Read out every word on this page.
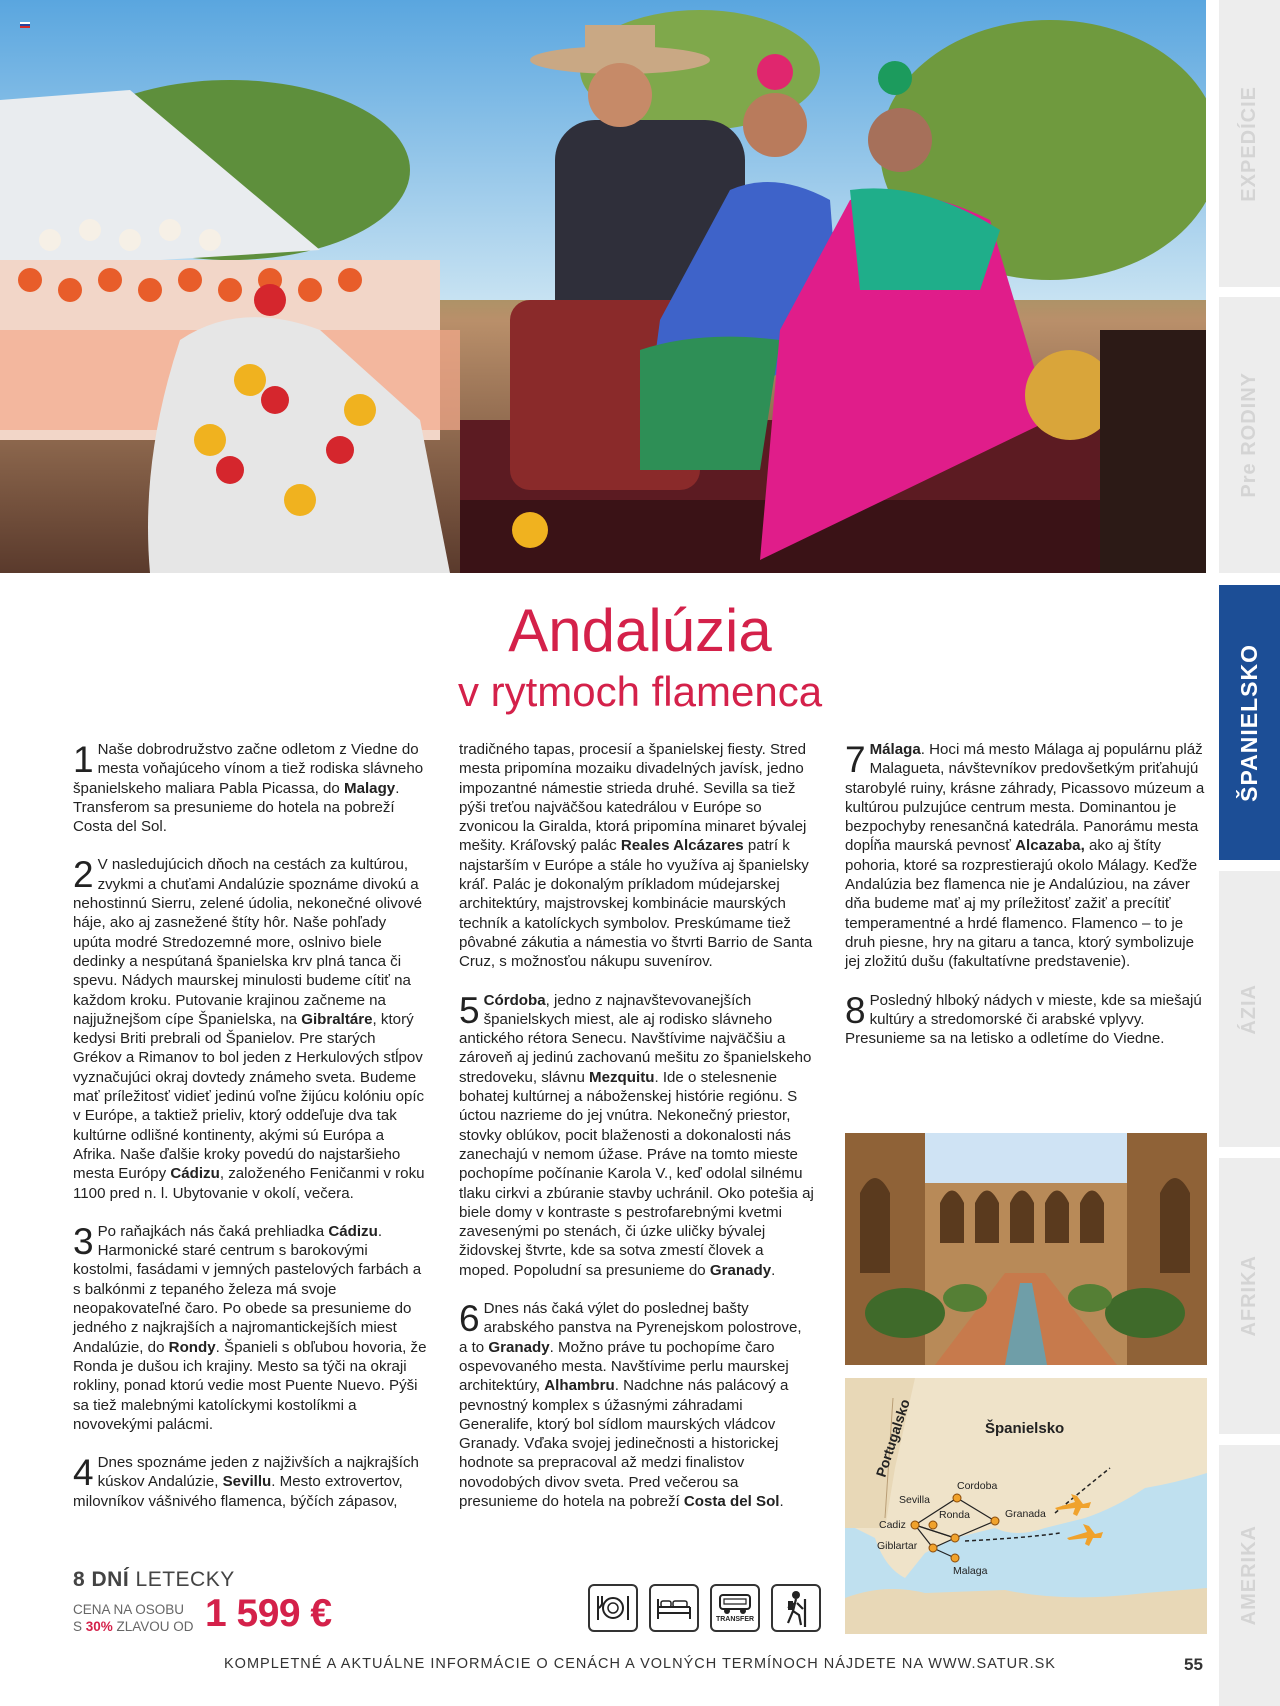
EXPEDÍCIE
Pre RODINY
ŠPANIELSKO
ÁZIA
AFRIKA
AMERIKA
Andalúzia
v rytmoch flamenca

1 Naše dobrodružstvo začne odletom z Viedne do mesta voňajúceho vínom a tiež rodiska slávneho španielskeho maliara Pabla Picassa, do Malagy. Transferom sa presunieme do hotela na pobreží Costa del Sol.

2 V nasledujúcich dňoch na cestách za kultúrou, zvykmi a chuťami Andalúzie spoznáme divokú a nehostinnú Sierru, zelené údolia, nekonečné olivové háje, ako aj zasnežené štíty hôr. Naše pohľady upúta modré Stredozemné more, oslnivo biele dedinky a nespútaná španielska krv plná tanca či spevu. Nádych maurskej minulosti budeme cítiť na každom kroku. Putovanie krajinou začneme na najjužnejšom cípe Španielska, na Gibraltáre, ktorý kedysi Briti prebrali od Španielov. Pre starých Grékov a Rimanov to bol jeden z Herkulových stĺpov vyznačujúci okraj dovtedy známeho sveta. Budeme mať príležitosť vidieť jedinú voľne žijúcu kolóniu opíc v Európe, a taktiež prieliv, ktorý oddeľuje dva tak kultúrne odlišné kontinenty, akými sú Európa a Afrika. Naše ďalšie kroky povedú do najstaršieho mesta Európy Cádizu, založeného Feničanmi v roku 1100 pred n. l. Ubytovanie v okolí, večera.

3 Po raňajkách nás čaká prehliadka Cádizu. Harmonické staré centrum s barokovými kostolmi, fasádami v jemných pastelových farbách a s balkónmi z tepaného železa má svoje neopakovateľné čaro. Po obede sa presunieme do jedného z najkrajších a najromantickejších miest Andalúzie, do Rondy. Španieli s obľubou hovoria, že Ronda je dušou ich krajiny. Mesto sa týči na okraji rokliny, ponad ktorú vedie most Puente Nuevo. Pýši sa tiež malebnými katolíckymi kostolíkmi a novovekými palácmi.

4 Dnes spoznáme jeden z najživších a najkrajších kúskov Andalúzie, Sevillu. Mesto extrovertov, milovníkov vášnivého flamenca, býčích zápasov,

tradičného tapas, procesií a španielskej fiesty. Stred mesta pripomína mozaiku divadelných javísk, jedno impozantné námestie strieda druhé. Sevilla sa tiež pýši treťou najväčšou katedrálou v Európe so zvonicou la Giralda, ktorá pripomína minaret bývalej mešity. Kráľovský palác Reales Alcázares patrí k najstarším v Európe a stále ho využíva aj španielsky kráľ. Palác je dokonalým príkladom múdejarskej architektúry, majstrovskej kombinácie maurských techník a katolíckych symbolov. Preskúmame tiež pôvabné zákutia a námestia vo štvrti Barrio de Santa Cruz, s možnosťou nákupu suvenírov.

5 Córdoba, jedno z najnavštevovanejších španielskych miest, ale aj rodisko slávneho antického rétora Senecu. Navštívime najväčšiu a zároveň aj jedinú zachovanú mešitu zo španielskeho stredoveku, slávnu Mezquitu. Ide o stelesnenie bohatej kultúrnej a náboženskej histórie regiónu. S úctou nazrieme do jej vnútra. Nekonečný priestor, stovky oblúkov, pocit blaženosti a dokonalosti nás zanechajú v nemom úžase. Práve na tomto mieste pochopíme počínanie Karola V., keď odolal silnému tlaku cirkvi a zbúranie stavby uchránil. Oko potešia aj biele domy v kontraste s pestrofarebnými kvetmi zavesenými po stenách, či úzke uličky bývalej židovskej štvrte, kde sa sotva zmestí človek a moped. Popoludní sa presunieme do Granady.

6 Dnes nás čaká výlet do poslednej bašty arabského panstva na Pyrenejskom polostrove, a to Granady. Možno práve tu pochopíme čaro ospevovaného mesta. Navštívime perlu maurskej architektúry, Alhambru. Nadchne nás palácový a pevnostný komplex s úžasnými záhradami Generalife, ktorý bol sídlom maurských vládcov Granady. Vďaka svojej jedinečnosti a historickej hodnote sa prepracoval až medzi finalistov novodobých divov sveta. Pred večerou sa presunieme do hotela na pobreží Costa del Sol.

7 Málaga. Hoci má mesto Málaga aj populárnu pláž Malagueta, návštevníkov predovšetkým priťahujú starobylé ruiny, krásne záhrady, Picassovo múzeum a kultúrou pulzujúce centrum mesta. Dominantou je bezpochyby renesančná katedrála. Panorámu mesta dopĺňa maurská pevnosť Alcazaba, ako aj štíty pohoria, ktoré sa rozprestierajú okolo Málagy. Keďže Andalúzia bez flamenca nie je Andalúziou, na záver dňa budeme mať aj my príležitosť zažiť a precítiť temperamentné a hrdé flamenco. Flamenco – to je druh piesne, hry na gitaru a tanca, ktorý symbolizuje jej zložitú dušu (fakultatívne predstavenie).

8 Posledný hlboký nádych v mieste, kde sa miešajú kultúry a stredomorské či arabské vplyvy. Presunieme sa na letisko a odletíme do Viedne.

Portugalsko	Španielsko
Cordoba
Sevilla
Granada
Cadiz
Ronda
Giblartar
Malaga
8 DNÍ LETECKY
CENA NA OSOBU
S 30% ZLAVOU OD 1 599 €	TRANSFER
KOMPLETNÉ A AKTUÁLNE INFORMÁCIE O CENÁCH A VOLNÝCH TERMÍNOCH NÁJDETE NA WWW.SATUR.SK	55
